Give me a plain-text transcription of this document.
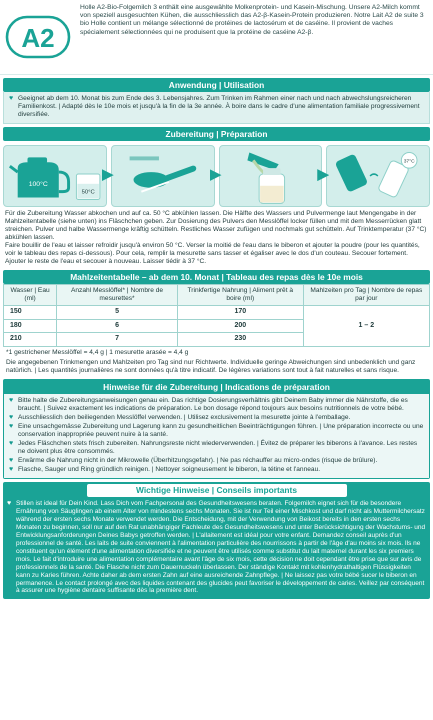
A2
Holle A2-Bio-Folgemilch 3 enthält eine ausgewählte Molkenprotein- und Kasein-Mischung. Unsere A2-Milch kommt von speziell ausgesuchten Kühen, die ausschliesslich das A2-β-Kasein-Protein produzieren. Notre Lait A2 de suite 3 bio Holle contient un mélange sélectionné de protéines de lactosérum et de caséine. Il provient de vaches spécialement sélectionnées qui ne produisent que la protéine de caséine A2-β.
Anwendung | Utilisation

♥ Geeignet ab dem 10. Monat bis zum Ende des 3. Lebensjahres. Zum Trinken im Rahmen einer nach und nach abwechslungsreicheren Familienkost. | Adapté dès le 10e mois et jusqu'à la fin de la 3e année. À boire dans le cadre d'une alimentation familiale progressivement diversifiée.

Zubereitung | Préparation
100°C
50°C
37°C
Für die Zubereitung Wasser abkochen und auf ca. 50 °C abkühlen lassen. Die Hälfte des Wassers und Pulvermenge laut Mengengabe in der Mahlzeitentabelle (siehe unten) ins Fläschchen geben. Zur Dosierung des Pulvers den Messlöffel locker füllen und mit dem Messerrücken glatt streichen. Pulver und halbe Wassermenge kräftig schütteln. Restliches Wasser zufügen und nochmals gut schütteln. Auf Trinktemperatur (37 °C) abkühlen lassen.
Faire bouillir de l'eau et laisser refroidir jusqu'à environ 50 °C. Verser la moitié de l'eau dans le biberon et ajouter la poudre (pour les quantités, voir le tableau des repas ci-dessous). Pour cela, remplir la mesurette sans tasser et égaliser avec le dos d'un couteau. Secouer fortement. Ajouter le reste de l'eau et secouer à nouveau. Laisser tiédir à 37 °C.
Mahlzeitentabelle – ab dem 10. Monat | Tableau des repas dès le 10e mois
Wasser | Eau (ml)	Anzahl Messlöffel* | Nombre de mesurettes*	Trinkfertige Nahrung | Aliment prêt à boire (ml)	Mahlzeiten pro Tag | Nombre de repas par jour
150	5	170	1 – 2
180	6	200	
210	7	230	
*1 gestrichener Messlöffel = 4,4 g | 1 mesurette arasée = 4,4 g
Die angegebenen Trinkmengen und Mahlzeiten pro Tag sind nur Richtwerte. Individuelle geringe Abweichungen sind unbedenklich und ganz natürlich. | Les quantités journalières ne sont données qu'à titre indicatif. De légères variations sont tout à fait naturelles et sans risque.
Hinweise für die Zubereitung | Indications de préparation

♥ Bitte halte die Zubereitungsanweisungen genau ein. Das richtige Dosierungsverhältnis gibt Deinem Baby immer die Nährstoffe, die es braucht. | Suivez exactement les indications de préparation. Le bon dosage répond toujours aux besoins nutritionnels de votre bébé.

♥ Ausschliesslich den beiliegenden Messlöffel verwenden. | Utilisez exclusivement la mesurette jointe à l'emballage.

♥ Eine unsachgemässe Zubereitung und Lagerung kann zu gesundheitlichen Beeinträchtigungen führen. | Une préparation incorrecte ou une conservation inappropriée peuvent nuire à la santé.

♥ Jedes Fläschchen stets frisch zubereiten. Nahrungsreste nicht wiederverwenden. | Évitez de préparer les biberons à l'avance. Les restes ne doivent plus être consommés.

♥ Erwärme die Nahrung nicht in der Mikrowelle (Überhitzungsgefahr). | Ne pas réchauffer au micro-ondes (risque de brûlure).

♥ Flasche, Sauger und Ring gründlich reinigen. | Nettoyer soigneusement le biberon, la tétine et l'anneau.

Wichtige Hinweise | Conseils importants
♥ Stillen ist ideal für Dein Kind. Lass Dich vom Fachpersonal des Gesundheitswesens beraten. Folgemilch eignet sich für die besondere Ernährung von Säuglingen ab einem Alter von mindestens sechs Monaten. Sie ist nur Teil einer Mischkost und darf nicht als Muttermilchersatz während der ersten sechs Monate verwendet werden. Die Entscheidung, mit der Verwendung von Beikost bereits in den ersten sechs Monaten zu beginnen, soll nur auf den Rat unabhängiger Fachleute des Gesundheitswesens und unter Berücksichtigung der Wachstums- und Entwicklungsanforderungen Deines Babys getroffen werden. | L'allaitement est idéal pour votre enfant. Demandez conseil auprès d'un professionnel de santé. Les laits de suite conviennent à l'alimentation particulière des nourrissons à partir de l'âge d'au moins six mois. Ils ne constituent qu'un élément d'une alimentation diversifiée et ne peuvent être utilisés comme substitut du lait maternel durant les six premiers mois. Le fait d'introduire une alimentation complémentaire avant l'âge de six mois, cette décision ne doit cependant être prise que sur avis de professionnels de la santé. Die Flasche nicht zum Dauernuckeln überlassen. Der ständige Kontakt mit kohlenhydrathaltigen Flüssigkeiten kann zu Karies führen. Achte daher ab dem ersten Zahn auf eine ausreichende Zahnpflege. | Ne laissez pas votre bébé sucer le biberon en permanence. Le contact prolongé avec des liquides contenant des glucides peut favoriser le développement de caries. Veillez par conséquent à assurer une hygiène dentaire suffisante dès la première dent.
